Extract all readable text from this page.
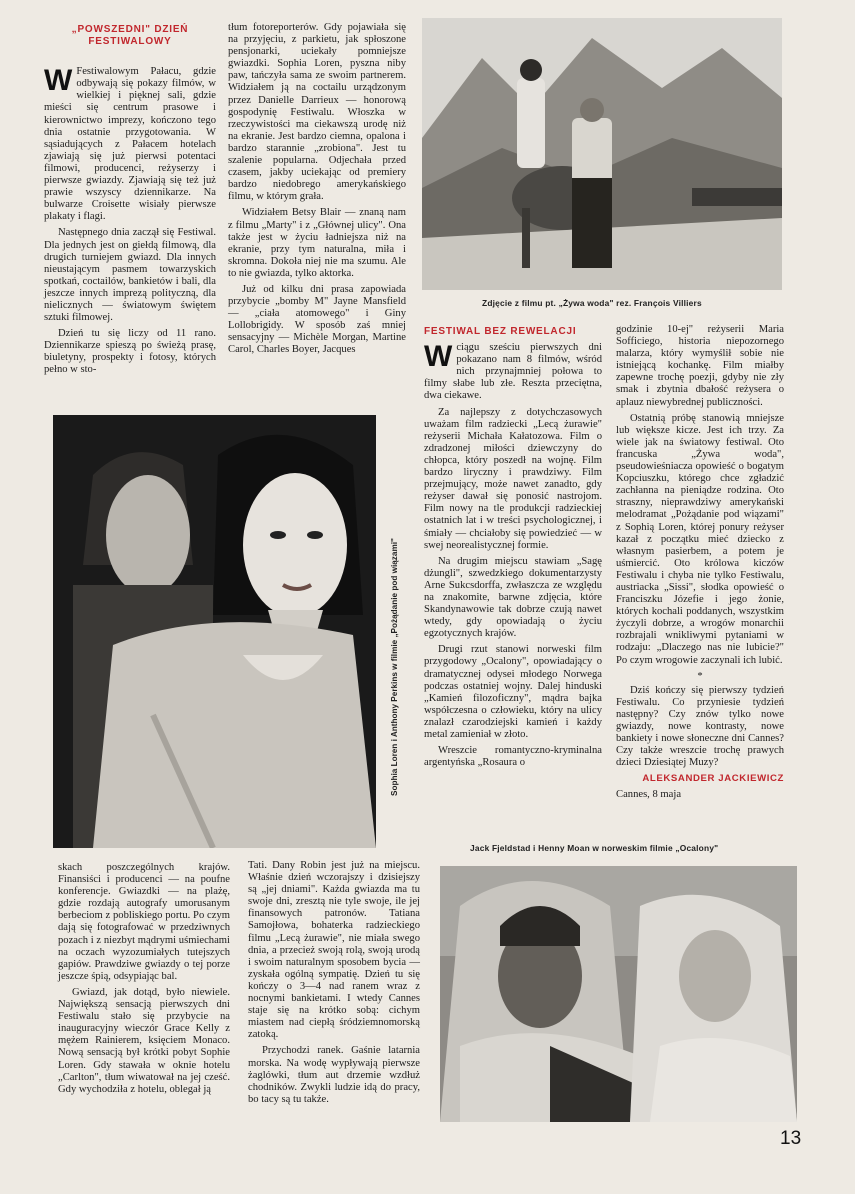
„POWSZEDNI" DZIEŃ FESTIWALOWY
W Festiwalowym Pałacu, gdzie odbywają się pokazy filmów, w wielkiej i pięknej sali, gdzie mieści się centrum prasowe i kierownictwo imprezy, kończono tego dnia ostatnie przygotowania. W sąsiadujących z Pałacem hotelach zjawiają się już pierwsi potentaci filmowi, producenci, reżyserzy i pierwsze gwiazdy. Zjawiają się też już prawie wszyscy dziennikarze. Na bulwarze Croisette wisiały pierwsze plakaty i flagi.

Następnego dnia zaczął się Festiwal. Dla jednych jest on giełdą filmową, dla drugich turniejem gwiazd. Dla innych nieustającym pasmem towarzyskich spotkań, coctailów, bankietów i bali, dla jeszcze innych imprezą polityczną, dla nielicznych — światowym świętem sztuki filmowej.

Dzień tu się liczy od 11 rano. Dziennikarze spieszą po świeżą prasę, biuletyny, prospekty i fotosy, których pełno w sto-

tłum fotoreporterów. Gdy pojawiała się na przyjęciu, z parkietu, jak spłoszone pensjonarki, uciekały pomniejsze gwiazdki. Sophia Loren, pyszna niby paw, tańczyła sama ze swoim partnerem. Widziałem ją na coctailu urządzonym przez Danielle Darrieux — honorową gospodynię Festiwalu. Włoszka w rzeczywistości ma ciekawszą urodę niż na ekranie. Jest bardzo ciemna, opalona i bardzo starannie „zrobiona". Jest tu szalenie popularna. Odjechała przed czasem, jakby uciekając od premiery bardzo niedobrego amerykańskiego filmu, w którym grała.

Widziałem Betsy Blair — znaną nam z filmu „Marty" i z „Głównej ulicy". Ona także jest w życiu ładniejsza niż na ekranie, przy tym naturalna, miła i skromna. Dokoła niej nie ma szumu. Ale to nie gwiazda, tylko aktorka.

Już od kilku dni prasa zapowiada przybycie „bomby M" Jayne Mansfield — „ciała atomowego" i Giny Lollobrigidy. W sposób zaś mniej sensacyjny — Michèle Morgan, Martine Carol, Charles Boyer, Jacques

Zdjęcie z filmu pt. „Żywa woda" rez. François Villiers
Sophia Loren i Anthony Perkins w filmie „Pożądanie pod wiązami"
FESTIWAL BEZ REWELACJI
W ciągu sześciu pierwszych dni pokazano nam 8 filmów, wśród nich przynajmniej połowa to filmy słabe lub złe. Reszta przeciętna, dwa ciekawe.

Za najlepszy z dotychczasowych uważam film radziecki „Lecą żurawie" reżyserii Michała Kałatozowa. Film o zdradzonej miłości dziewczyny do chłopca, który poszedł na wojnę. Film bardzo liryczny i prawdziwy. Film przejmujący, może nawet zanadto, gdy reżyser dawał się ponosić nastrojom. Film nowy na tle produkcji radzieckiej ostatnich lat i w treści psychologicznej, i śmiały — chciałoby się powiedzieć — w swej neorealistycznej formie.

Na drugim miejscu stawiam „Sagę dżungli", szwedzkiego dokumentarzysty Arne Sukcsdorffa, zwłaszcza ze względu na znakomite, barwne zdjęcia, które Skandynawowie tak dobrze czują nawet wtedy, gdy opowiadają o życiu egzotycznych krajów.

Drugi rzut stanowi norweski film przygodowy „Ocalony", opowiadający o dramatycznej odysei młodego Norwega podczas ostatniej wojny. Dalej hinduski „Kamień filozoficzny", mądra bajka współczesna o człowieku, który na ulicy znalazł czarodziejski kamień i każdy metal zamieniał w złoto.

Wreszcie romantyczno-kryminalna argentyńska „Rosaura o

godzinie 10-ej" reżyserii Maria Sofficiego, historia niepozornego malarza, który wymyślił sobie nie istniejącą kochankę. Film miałby zapewne trochę poezji, gdyby nie zły smak i zbytnia dbałość reżysera o aplauz niewybrednej publiczności.

Ostatnią próbę stanowią mniejsze lub większe kicze. Jest ich trzy. Za wiele jak na światowy festiwal. Oto francuska „Żywa woda", pseudowieśniacza opowieść o bogatym Kopciuszku, którego chce zgładzić zachłanna na pieniądze rodzina. Oto straszny, nieprawdziwy amerykański melodramat „Pożądanie pod wiązami" z Sophią Loren, której ponury reżyser kazał z początku mieć dziecko z własnym pasierbem, a potem je uśmiercić. Oto królowa kiczów Festiwalu i chyba nie tylko Festiwalu, austriacka „Sissi", słodka opowieść o Franciszku Józefie i jego żonie, których kochali poddanych, wszystkim życzyli dobrze, a wrogów monarchii rozbrajali wnikliwymi pytaniami w rodzaju: „Dlaczego nas nie lubicie?" Po czym wrogowie zaczynali ich lubić.

*

Dziś kończy się pierwszy tydzień Festiwalu. Co przyniesie tydzień następny? Czy znów tylko nowe gwiazdy, nowe kontrasty, nowe bankiety i nowe słoneczne dni Cannes? Czy także wreszcie trochę prawych dzieci Dziesiątej Muzy?

ALEKSANDER JACKIEWICZ

Cannes, 8 maja

Jack Fjeldstad i Henny Moan w norweskim filmie „Ocalony"

skach poszczególnych krajów. Finansiści i producenci — na poufne konferencje. Gwiazdki — na plażę, gdzie rozdają autografy umorusanym berbeciom z pobliskiego portu. Po czym dają się fotografować w przedziwnych pozach i z niezbyt mądrymi uśmiechami na oczach wyzozumiałych tutejszych gapiów. Prawdziwe gwiazdy o tej porze jeszcze śpią, odsypiając bal.

Gwiazd, jak dotąd, było niewiele. Największą sensacją pierwszych dni Festiwalu stało się przybycie na inauguracyjny wieczór Grace Kelly z mężem Rainierem, księciem Monaco. Nową sensacją był krótki pobyt Sophie Loren. Gdy stawała w oknie hotelu „Carlton", tłum wiwatował na jej cześć. Gdy wychodziła z hotelu, oblegał ją

Tati. Dany Robin jest już na miejscu. Właśnie dzień wczorajszy i dzisiejszy są „jej dniami". Każda gwiazda ma tu swoje dni, zresztą nie tyle swoje, ile jej finansowych patronów. Tatiana Samojłowa, bohaterka radzieckiego filmu „Lecą żurawie", nie miała swego dnia, a przecież swoją rolą, swoją urodą i swoim naturalnym sposobem bycia — zyskała ogólną sympatię. Dzień tu się kończy o 3—4 nad ranem wraz z nocnymi bankietami. I wtedy Cannes staje się na krótko sobą: cichym miastem nad ciepłą śródziemnomorską zatoką.

Przychodzi ranek. Gaśnie latarnia morska. Na wodę wypływają pierwsze żaglówki, tłum aut drzemie wzdłuż chodników. Zwykli ludzie idą do pracy, bo tacy są tu także.

13
